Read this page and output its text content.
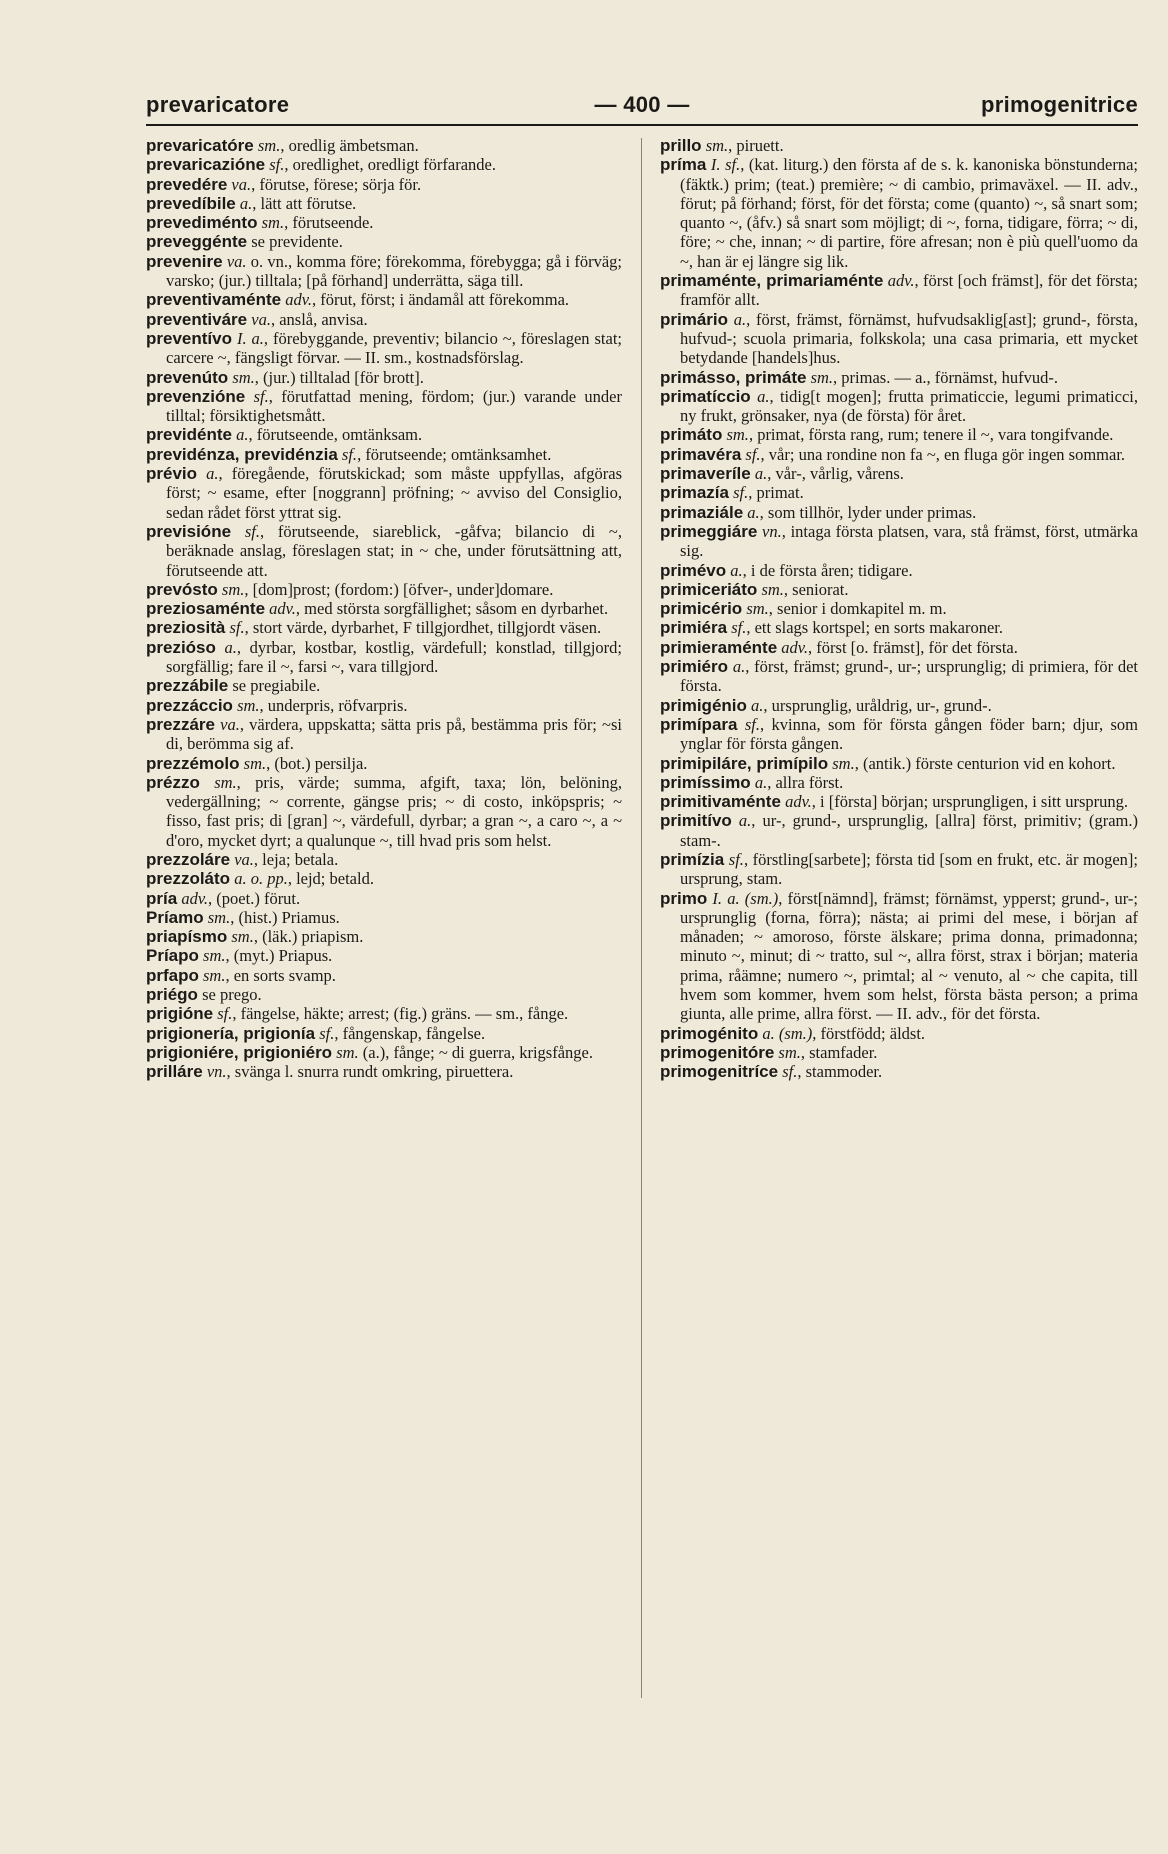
prevaricatore	— 400 —	primogenitrice

prevaricatóre sm., oredlig ämbetsman.

prevaricazióne sf., oredlighet, oredligt förfarande.

prevedére va., förutse, förese; sörja för.

prevedíbile a., lätt att förutse.

prevediménto sm., förutseende.

preveggénte se previdente.

prevenire va. o. vn., komma före; förekomma, förebygga; gå i förväg; varsko; (jur.) tilltala; [på förhand] underrätta, säga till.

preventivaménte adv., förut, först; i ändamål att förekomma.

preventiváre va., anslå, anvisa.

preventívo I. a., förebyggande, preventiv; bilancio ~, föreslagen stat; carcere ~, fängsligt förvar. — II. sm., kostnadsförslag.

prevenúto sm., (jur.) tilltalad [för brott].

prevenzióne sf., förutfattad mening, fördom; (jur.) varande under tilltal; försiktighetsmått.

previdénte a., förutseende, omtänksam.

previdénza, previdénzia sf., förutseende; omtänksamhet.

prévio a., föregående, förutskickad; som måste uppfyllas, afgöras först; ~ esame, efter [noggrann] pröfning; ~ avviso del Consiglio, sedan rådet först yttrat sig.

previsióne sf., förutseende, siareblick, -gåfva; bilancio di ~, beräknade anslag, föreslagen stat; in ~ che, under förutsättning att, förutseende att.

prevósto sm., [dom]prost; (fordom:) [öfver-, under]domare.

preziosaménte adv., med största sorgfällighet; såsom en dyrbarhet.

preziosità sf., stort värde, dyrbarhet, F tillgjordhet, tillgjordt väsen.

prezióso a., dyrbar, kostbar, kostlig, värdefull; konstlad, tillgjord; sorgfällig; fare il ~, farsi ~, vara tillgjord.

prezzábile se pregiabile.

prezzáccio sm., underpris, röfvarpris.

prezzáre va., värdera, uppskatta; sätta pris på, bestämma pris för; ~si di, berömma sig af.

prezzémolo sm., (bot.) persilja.

prézzo sm., pris, värde; summa, afgift, taxa; lön, belöning, vedergällning; ~ corrente, gängse pris; ~ di costo, inköpspris; ~ fisso, fast pris; di [gran] ~, värdefull, dyrbar; a gran ~, a caro ~, a ~ d'oro, mycket dyrt; a qualunque ~, till hvad pris som helst.

prezzoláre va., leja; betala.

prezzoláto a. o. pp., lejd; betald.

pría adv., (poet.) förut.

Príamo sm., (hist.) Priamus.

priapísmo sm., (läk.) priapism.

Príapo sm., (myt.) Priapus.

prfapo sm., en sorts svamp.

priégo se prego.

prigióne sf., fängelse, häkte; arrest; (fig.) gräns. — sm., fånge.

prigionería, prigionía sf., fångenskap, fångelse.

prigioniére, prigioniéro sm. (a.), fånge; ~ di guerra, krigsfånge.

prilláre vn., svänga l. snurra rundt omkring, piruettera.

prillo sm., piruett.

príma I. sf., (kat. liturg.) den första af de s. k. kanoniska bönstunderna; (fäktk.) prim; (teat.) première; ~ di cambio, primaväxel. — II. adv., förut; på förhand; först, för det första; come (quanto) ~, så snart som; quanto ~, (åfv.) så snart som möjligt; di ~, forna, tidigare, förra; ~ di, före; ~ che, innan; ~ di partire, före afresan; non è più quell'uomo da ~, han är ej längre sig lik.

primaménte, primariaménte adv., först [och främst], för det första; framför allt.

primário a., först, främst, förnämst, hufvudsaklig[ast]; grund-, första, hufvud-; scuola primaria, folkskola; una casa primaria, ett mycket betydande [handels]hus.

primásso, primáte sm., primas. — a., förnämst, hufvud-.

primatíccio a., tidig[t mogen]; frutta primaticcie, legumi primaticci, ny frukt, grönsaker, nya (de första) för året.

primáto sm., primat, första rang, rum; tenere il ~, vara tongifvande.

primavéra sf., vår; una rondine non fa ~, en fluga gör ingen sommar.

primaveríle a., vår-, vårlig, vårens.

primazía sf., primat.

primaziále a., som tillhör, lyder under primas.

primeggiáre vn., intaga första platsen, vara, stå främst, först, utmärka sig.

primévo a., i de första åren; tidigare.

primiceriáto sm., seniorat.

primicério sm., senior i domkapitel m. m.

primiéra sf., ett slags kortspel; en sorts makaroner.

primieraménte adv., först [o. främst], för det första.

primiéro a., först, främst; grund-, ur-; ursprunglig; di primiera, för det första.

primigénio a., ursprunglig, uråldrig, ur-, grund-.

primípara sf., kvinna, som för första gången föder barn; djur, som ynglar för första gången.

primipiláre, primípilo sm., (antik.) förste centurion vid en kohort.

primíssimo a., allra först.

primitivaménte adv., i [första] början; ursprungligen, i sitt ursprung.

primitívo a., ur-, grund-, ursprunglig, [allra] först, primitiv; (gram.) stam-.

primízia sf., förstling[sarbete]; första tid [som en frukt, etc. är mogen]; ursprung, stam.

primo I. a. (sm.), först[nämnd], främst; förnämst, ypperst; grund-, ur-; ursprunglig (forna, förra); nästa; ai primi del mese, i början af månaden; ~ amoroso, förste älskare; prima donna, primadonna; minuto ~, minut; di ~ tratto, sul ~, allra först, strax i början; materia prima, råämne; numero ~, primtal; al ~ venuto, al ~ che capita, till hvem som kommer, hvem som helst, första bästa person; a prima giunta, alle prime, allra först. — II. adv., för det första.

primogénito a. (sm.), förstfödd; äldst.

primogenitóre sm., stamfader.

primogenitríce sf., stammoder.
